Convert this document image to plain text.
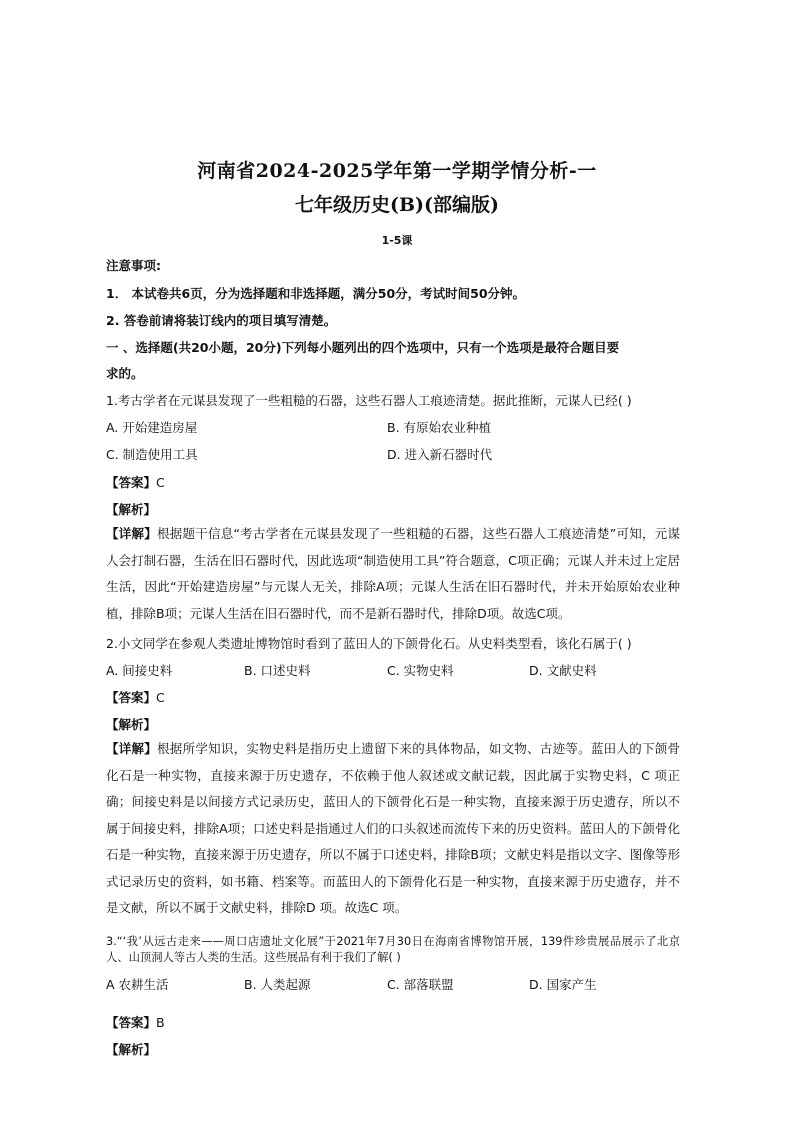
河南省2024-2025学年第一学期学情分析-一
七年级历史(B)(部编版)
1-5课
注意事项:
1． 本试卷共6页，分为选择题和非选择题，满分50分，考试时间50分钟。
2. 答卷前请将装订线内的项目填写清楚。
一 、选择题(共20小题，20分)下列每小题列出的四个选项中，只有一个选项是最符合题目要
求的。
1.考古学者在元谋县发现了一些粗糙的石器，这些石器人工痕迹清楚。据此推断，元谋人已经( )
A. 开始建造房屋	B. 有原始农业种植
C. 制造使用工具	D. 进入新石器时代
【答案】C
【解析】
【详解】根据题干信息“考古学者在元谋县发现了一些粗糙的石器，这些石器人工痕迹清楚”可知，元谋人会打制石器，生活在旧石器时代，因此选项“制造使用工具”符合题意，C项正确；元谋人并未过上定居生活，因此“开始建造房屋”与元谋人无关，排除A项；元谋人生活在旧石器时代，并未开始原始农业种植，排除B项；元谋人生活在旧石器时代，而不是新石器时代，排除D项。故选C项。
2.小文同学在参观人类遗址博物馆时看到了蓝田人的下颌骨化石。从史料类型看，该化石属于( )
A. 间接史料	B. 口述史料	C. 实物史料	D. 文献史料
【答案】C
【解析】
【详解】根据所学知识，实物史料是指历史上遗留下来的具体物品，如文物、古迹等。蓝田人的下颌骨化石是一种实物，直接来源于历史遗存，不依赖于他人叙述或文献记载，因此属于实物史料，C 项正确；间接史料是以间接方式记录历史，蓝田人的下颌骨化石是一种实物，直接来源于历史遗存，所以不属于间接史料，排除A项；口述史料是指通过人们的口头叙述而流传下来的历史资料。蓝田人的下颌骨化石是一种实物，直接来源于历史遗存，所以不属于口述史料，排除B项；文献史料是指以文字、图像等形式记录历史的资料，如书籍、档案等。而蓝田人的下颌骨化石是一种实物，直接来源于历史遗存，并不是文献，所以不属于文献史料，排除D 项。故选C 项。
3.“‘我’从远古走来——周口店遗址文化展”于2021年7月30日在海南省博物馆开展，139件珍贵展品展示了北京人、山顶洞人等古人类的生活。这些展品有利于我们了解( )
A 农耕生活	B. 人类起源	C. 部落联盟	D. 国家产生
【答案】B
【解析】
